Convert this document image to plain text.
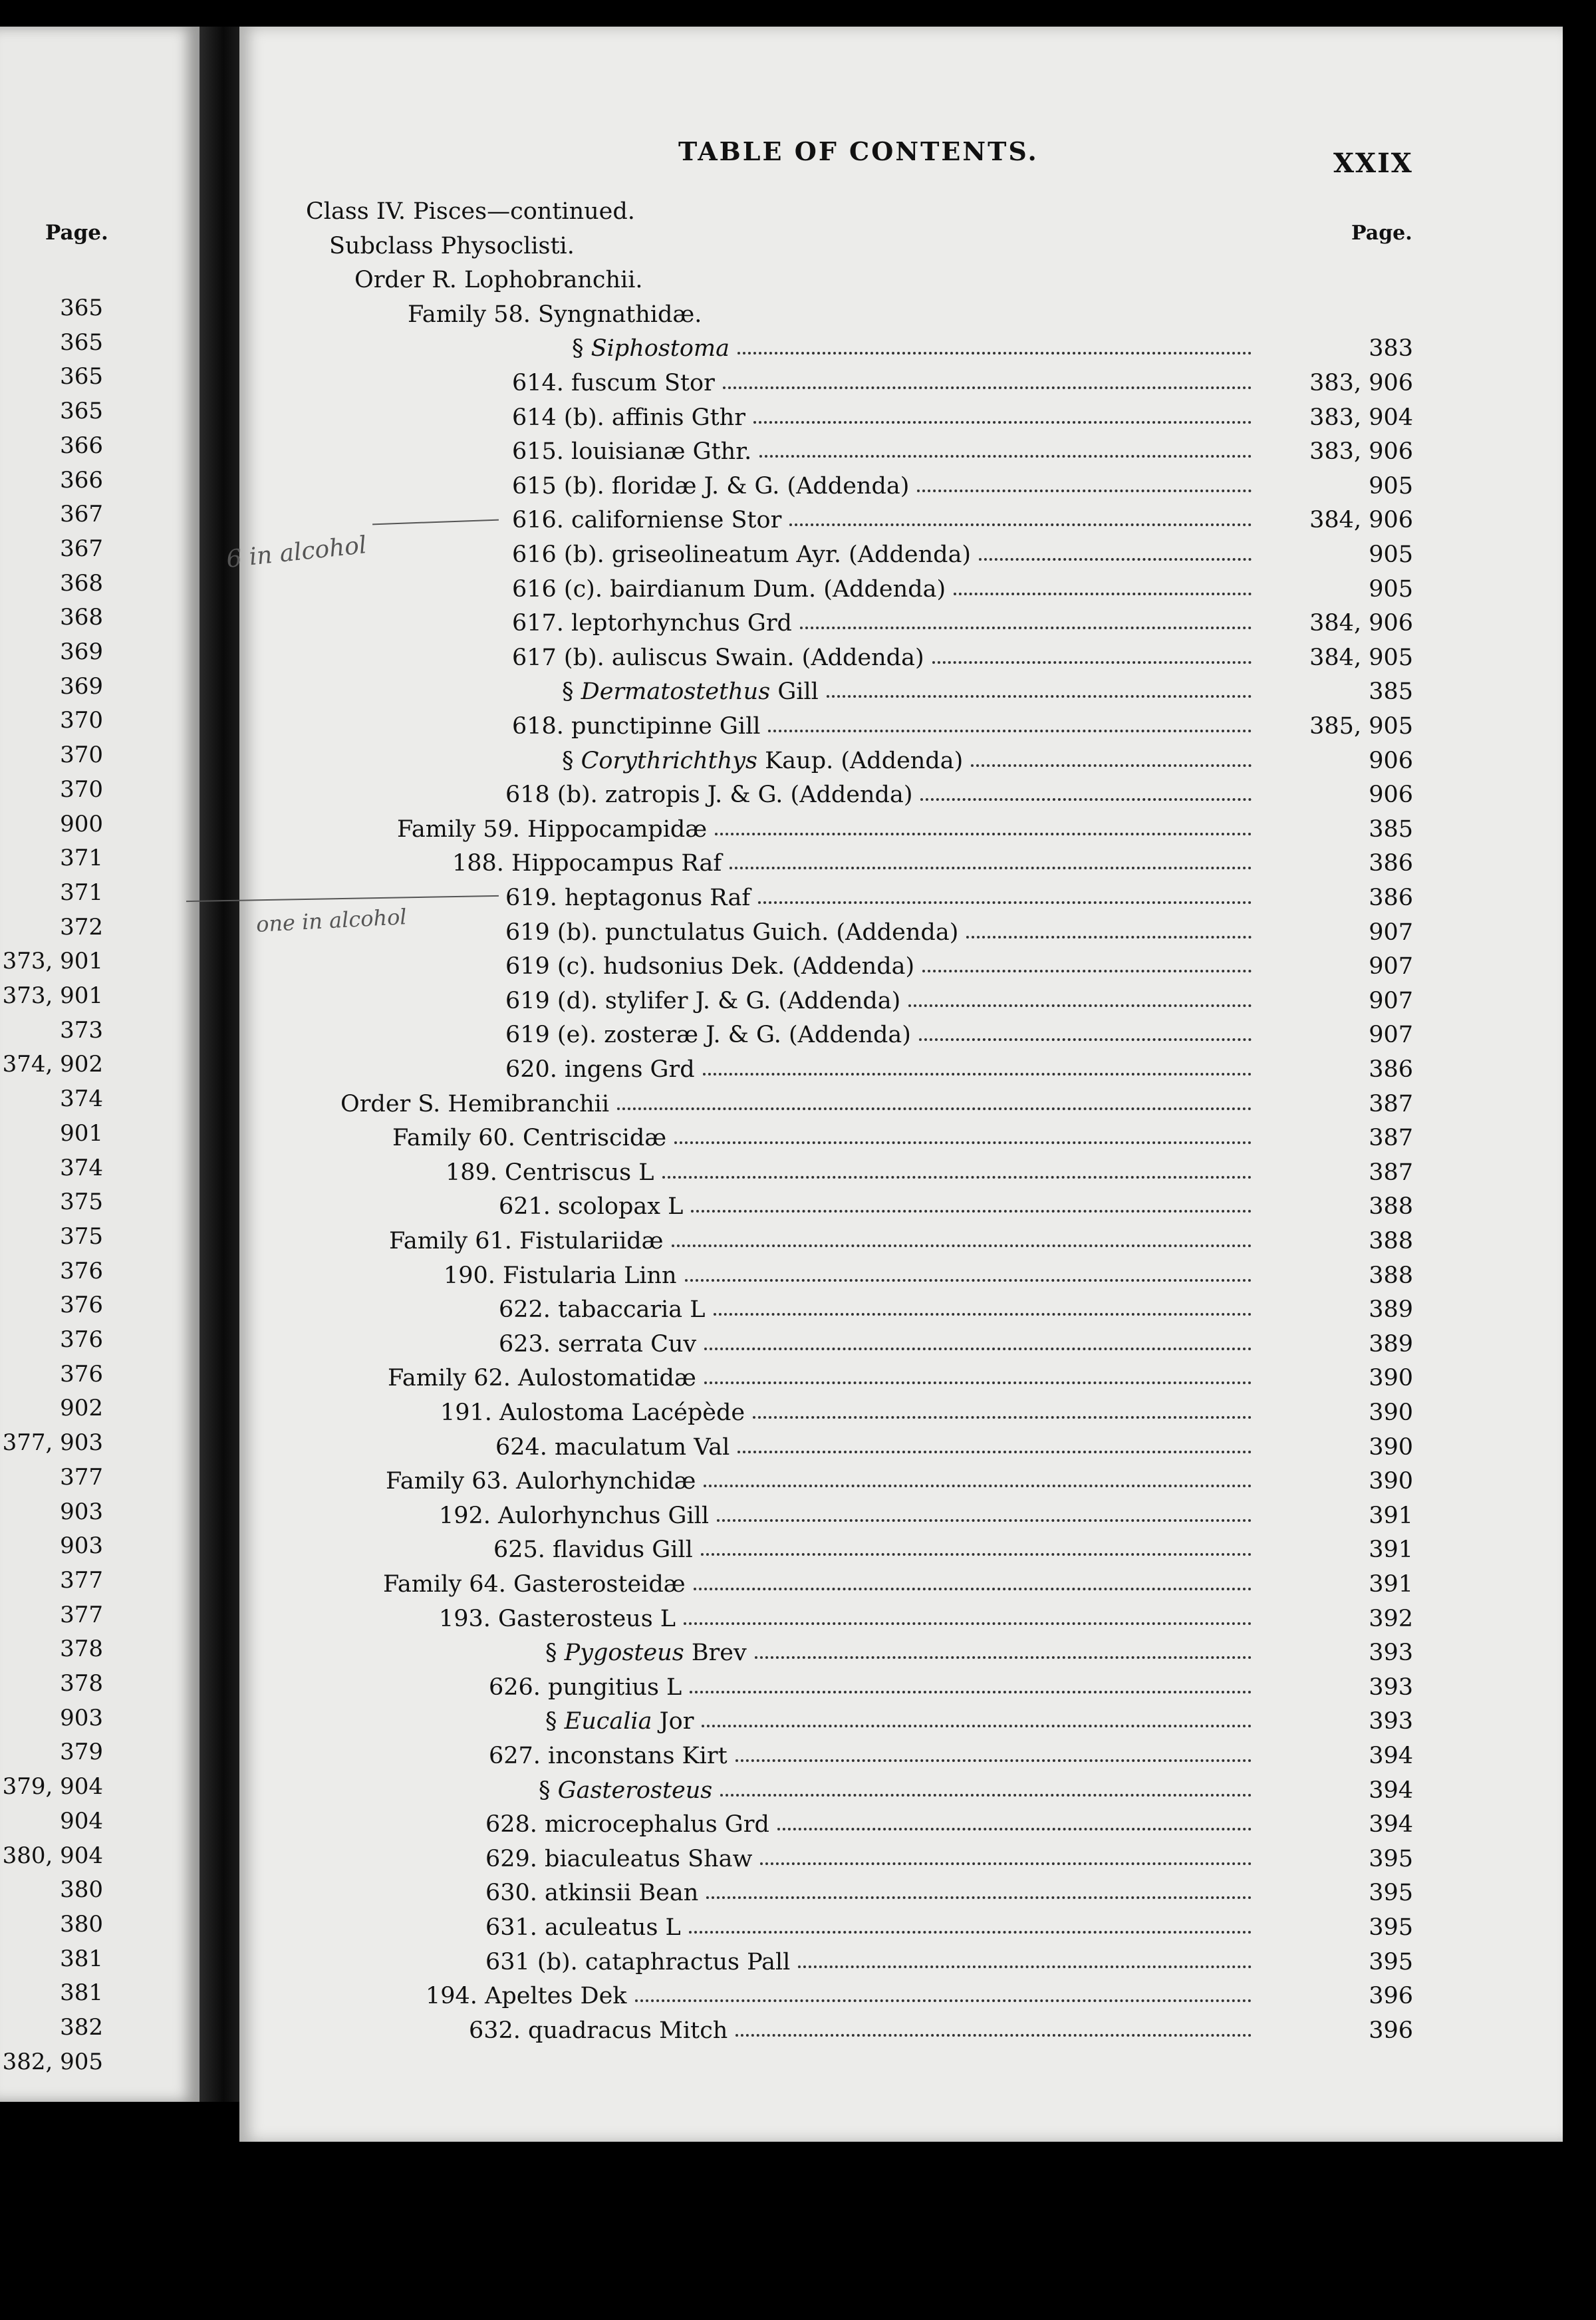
Page.
365
365
365
365
366
366
367
367
368
368
369
369
370
370
370
900
371
371
372
373, 901
373, 901
373
374, 902
374
901
374
375
375
376
376
376
376
902
377, 903
377
903
903
377
377
378
378
903
379
379, 904
904
380, 904
380
380
381
381
382
382, 905
TABLE OF CONTENTS.	XXIX
Page.
Class IV. Pisces—continued.
Subclass Physoclisti.
Order R. Lophobranchii.
Family 58. Syngnathidæ.
§ Siphostoma	383
614. fuscum Stor	383, 906
614 (b). affinis Gthr	383, 904
615. louisianæ Gthr.	383, 906
615 (b). floridæ J. & G. (Addenda)	905
616. californiense Stor	384, 906
616 (b). griseolineatum Ayr. (Addenda)	905
616 (c). bairdianum Dum. (Addenda)	905
617. leptorhynchus Grd	384, 906
617 (b). auliscus Swain. (Addenda)	384, 905
§ Dermatostethus Gill	385
618. punctipinne Gill	385, 905
§ Corythrichthys Kaup. (Addenda)	906
618 (b). zatropis J. & G. (Addenda)	906
Family 59. Hippocampidæ	385
188. Hippocampus Raf	386
619. heptagonus Raf	386
619 (b). punctulatus Guich. (Addenda)	907
619 (c). hudsonius Dek. (Addenda)	907
619 (d). stylifer J. & G. (Addenda)	907
619 (e). zosteræ J. & G. (Addenda)	907
620. ingens Grd	386
Order S. Hemibranchii	387
Family 60. Centriscidæ	387
189. Centriscus L	387
621. scolopax L	388
Family 61. Fistulariidæ	388
190. Fistularia Linn	388
622. tabaccaria L	389
623. serrata Cuv	389
Family 62. Aulostomatidæ	390
191. Aulostoma Lacépède	390
624. maculatum Val	390
Family 63. Aulorhynchidæ	390
192. Aulorhynchus Gill	391
625. flavidus Gill	391
Family 64. Gasterosteidæ	391
193. Gasterosteus L	392
§ Pygosteus Brev	393
626. pungitius L	393
§ Eucalia Jor	393
627. inconstans Kirt	394
§ Gasterosteus	394
628. microcephalus Grd	394
629. biaculeatus Shaw	395
630. atkinsii Bean	395
631. aculeatus L	395
631 (b). cataphractus Pall	395
194. Apeltes Dek	396
632. quadracus Mitch	396
6 in alcohol
one in alcohol
